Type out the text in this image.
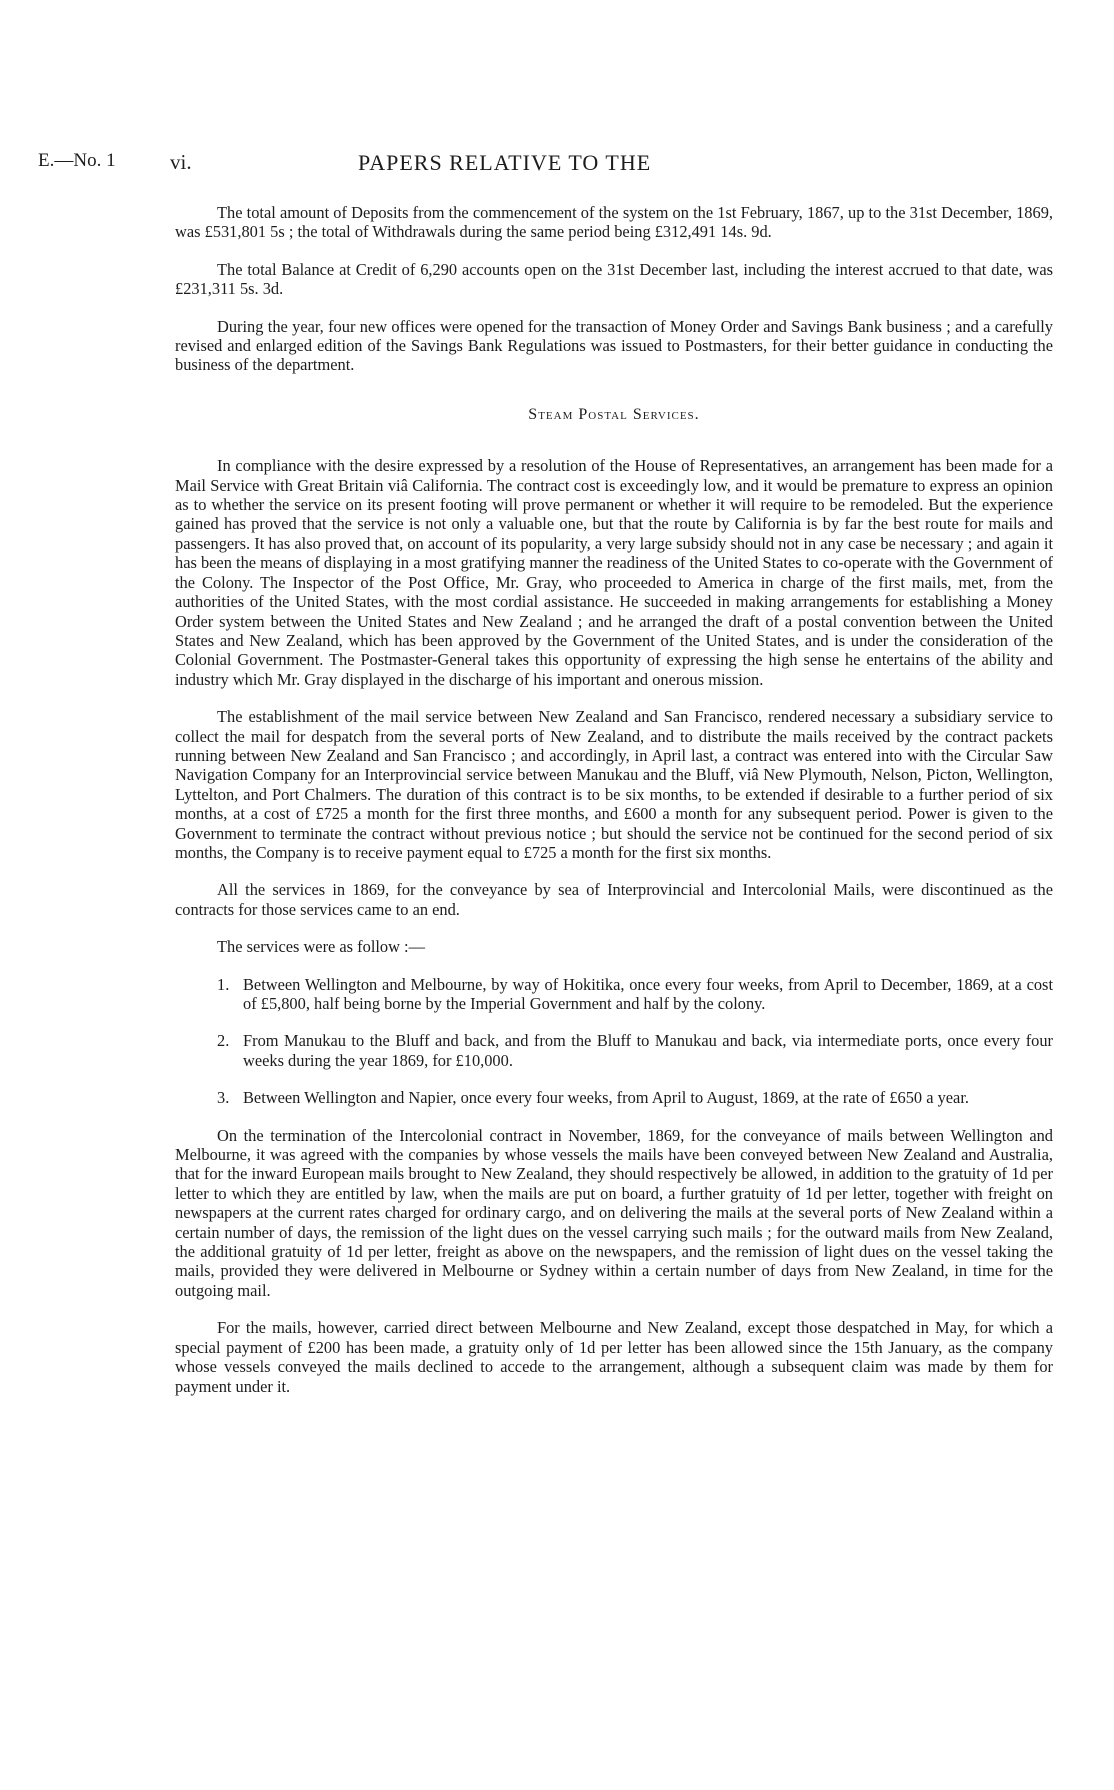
E.—No. 1	vi.	PAPERS RELATIVE TO THE

The total amount of Deposits from the commencement of the system on the 1st February, 1867, up to the 31st December, 1869, was £531,801 5s ; the total of Withdrawals during the same period being £312,491 14s. 9d.

The total Balance at Credit of 6,290 accounts open on the 31st December last, including the interest accrued to that date, was £231,311 5s. 3d.

During the year, four new offices were opened for the transaction of Money Order and Savings Bank business ; and a carefully revised and enlarged edition of the Savings Bank Regulations was issued to Postmasters, for their better guidance in conducting the business of the department.

Steam Postal Services.

In compliance with the desire expressed by a resolution of the House of Representatives, an arrangement has been made for a Mail Service with Great Britain viâ California. The contract cost is exceedingly low, and it would be premature to express an opinion as to whether the service on its present footing will prove permanent or whether it will require to be remodeled. But the experience gained has proved that the service is not only a valuable one, but that the route by California is by far the best route for mails and passengers. It has also proved that, on account of its popularity, a very large subsidy should not in any case be necessary ; and again it has been the means of displaying in a most gratifying manner the readiness of the United States to co-operate with the Government of the Colony. The Inspector of the Post Office, Mr. Gray, who proceeded to America in charge of the first mails, met, from the authorities of the United States, with the most cordial assistance. He succeeded in making arrangements for establishing a Money Order system between the United States and New Zealand ; and he arranged the draft of a postal convention between the United States and New Zealand, which has been approved by the Government of the United States, and is under the consideration of the Colonial Government. The Postmaster-General takes this opportunity of expressing the high sense he entertains of the ability and industry which Mr. Gray displayed in the discharge of his important and onerous mission.

The establishment of the mail service between New Zealand and San Francisco, rendered necessary a subsidiary service to collect the mail for despatch from the several ports of New Zealand, and to distribute the mails received by the contract packets running between New Zealand and San Francisco ; and accordingly, in April last, a contract was entered into with the Circular Saw Navigation Company for an Interprovincial service between Manukau and the Bluff, viâ New Plymouth, Nelson, Picton, Wellington, Lyttelton, and Port Chalmers. The duration of this contract is to be six months, to be extended if desirable to a further period of six months, at a cost of £725 a month for the first three months, and £600 a month for any subsequent period. Power is given to the Government to terminate the contract without previous notice ; but should the service not be continued for the second period of six months, the Company is to receive payment equal to £725 a month for the first six months.

All the services in 1869, for the conveyance by sea of Interprovincial and Intercolonial Mails, were discontinued as the contracts for those services came to an end.

The services were as follow :—

1. Between Wellington and Melbourne, by way of Hokitika, once every four weeks, from April to December, 1869, at a cost of £5,800, half being borne by the Imperial Government and half by the colony.
2. From Manukau to the Bluff and back, and from the Bluff to Manukau and back, via intermediate ports, once every four weeks during the year 1869, for £10,000.
3. Between Wellington and Napier, once every four weeks, from April to August, 1869, at the rate of £650 a year.

On the termination of the Intercolonial contract in November, 1869, for the conveyance of mails between Wellington and Melbourne, it was agreed with the companies by whose vessels the mails have been conveyed between New Zealand and Australia, that for the inward European mails brought to New Zealand, they should respectively be allowed, in addition to the gratuity of 1d per letter to which they are entitled by law, when the mails are put on board, a further gratuity of 1d per letter, together with freight on newspapers at the current rates charged for ordinary cargo, and on delivering the mails at the several ports of New Zealand within a certain number of days, the remission of the light dues on the vessel carrying such mails ; for the outward mails from New Zealand, the additional gratuity of 1d per letter, freight as above on the newspapers, and the remission of light dues on the vessel taking the mails, provided they were delivered in Melbourne or Sydney within a certain number of days from New Zealand, in time for the outgoing mail.

For the mails, however, carried direct between Melbourne and New Zealand, except those despatched in May, for which a special payment of £200 has been made, a gratuity only of 1d per letter has been allowed since the 15th January, as the company whose vessels conveyed the mails declined to accede to the arrangement, although a subsequent claim was made by them for payment under it.
